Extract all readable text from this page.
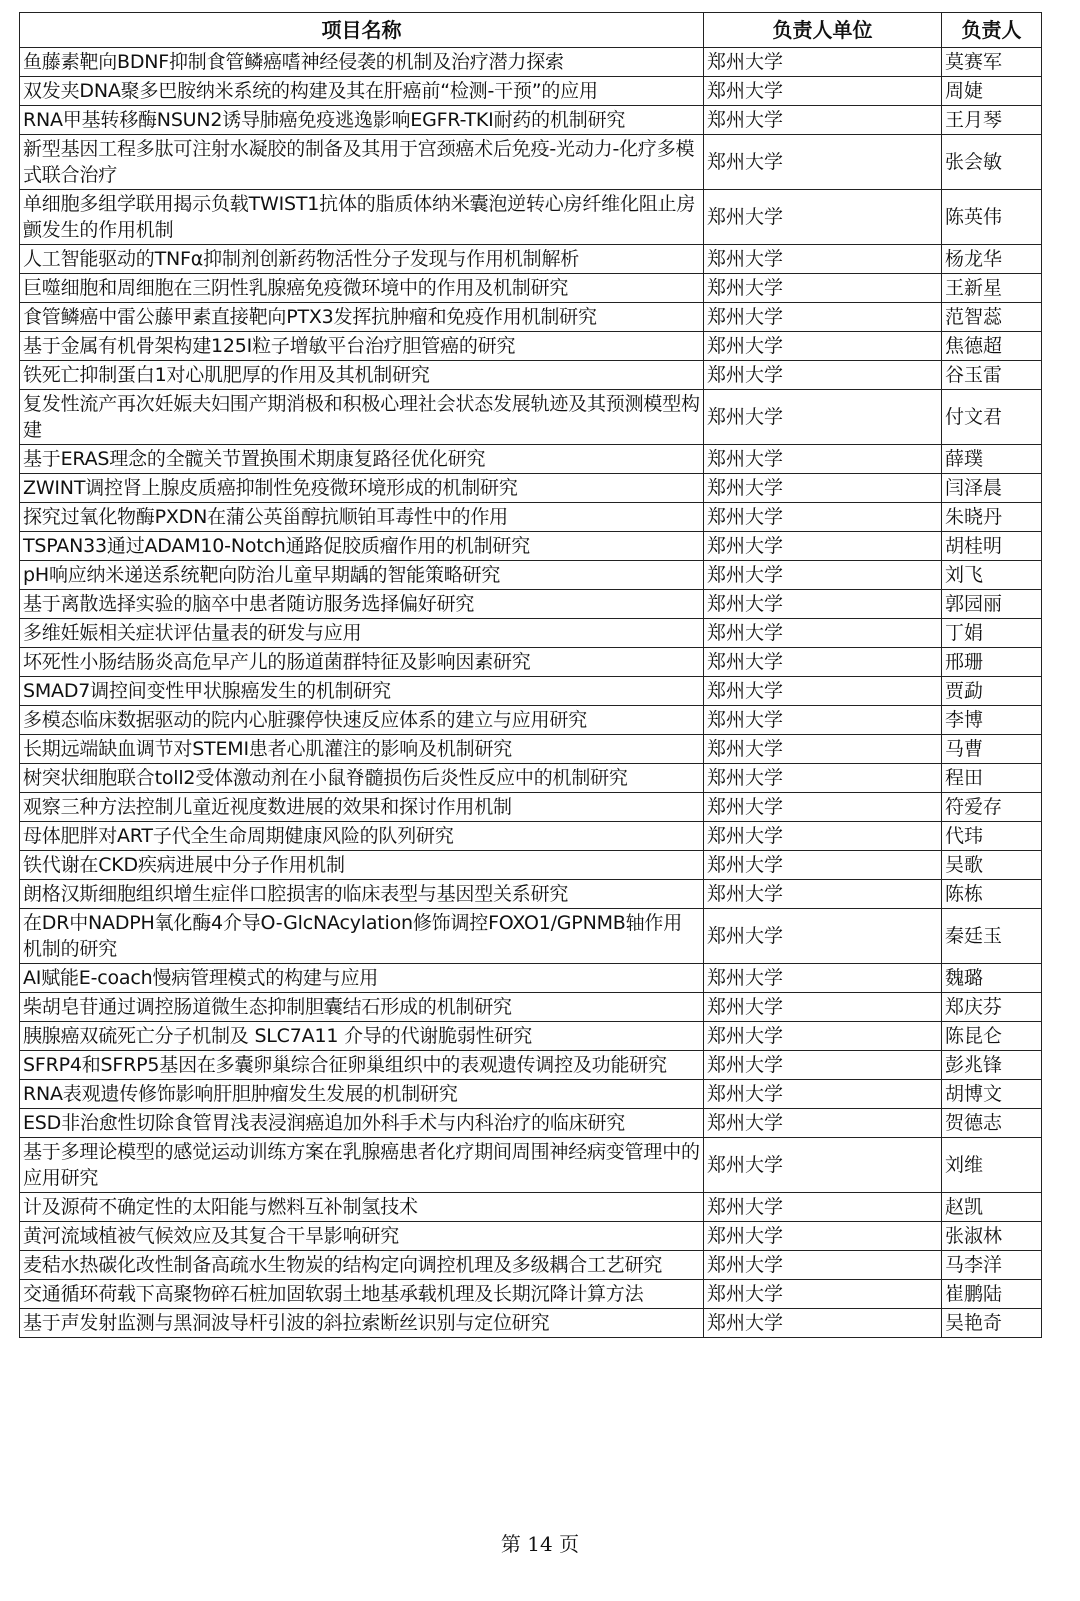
项目名称	负责人单位	负责人
鱼藤素靶向BDNF抑制食管鳞癌嗜神经侵袭的机制及治疗潜力探索	郑州大学	莫赛军
双发夹DNA聚多巴胺纳米系统的构建及其在肝癌前“检测-干预”的应用	郑州大学	周婕
RNA甲基转移酶NSUN2诱导肺癌免疫逃逸影响EGFR-TKI耐药的机制研究	郑州大学	王月琴
新型基因工程多肽可注射水凝胶的制备及其用于宫颈癌术后免疫-光动力-化疗多模式联合治疗	郑州大学	张会敏
单细胞多组学联用揭示负载TWIST1抗体的脂质体纳米囊泡逆转心房纤维化阻止房颤发生的作用机制	郑州大学	陈英伟
人工智能驱动的TNFα抑制剂创新药物活性分子发现与作用机制解析	郑州大学	杨龙华
巨噬细胞和周细胞在三阴性乳腺癌免疫微环境中的作用及机制研究	郑州大学	王新星
食管鳞癌中雷公藤甲素直接靶向PTX3发挥抗肿瘤和免疫作用机制研究	郑州大学	范智蕊
基于金属有机骨架构建125I粒子增敏平台治疗胆管癌的研究	郑州大学	焦德超
铁死亡抑制蛋白1对心肌肥厚的作用及其机制研究	郑州大学	谷玉雷
复发性流产再次妊娠夫妇围产期消极和积极心理社会状态发展轨迹及其预测模型构建	郑州大学	付文君
基于ERAS理念的全髋关节置换围术期康复路径优化研究	郑州大学	薛璞
ZWINT调控肾上腺皮质癌抑制性免疫微环境形成的机制研究	郑州大学	闫泽晨
探究过氧化物酶PXDN在蒲公英甾醇抗顺铂耳毒性中的作用	郑州大学	朱晓丹
TSPAN33通过ADAM10-Notch通路促胶质瘤作用的机制研究	郑州大学	胡桂明
pH响应纳米递送系统靶向防治儿童早期龋的智能策略研究	郑州大学	刘飞
基于离散选择实验的脑卒中患者随访服务选择偏好研究	郑州大学	郭园丽
多维妊娠相关症状评估量表的研发与应用	郑州大学	丁娟
坏死性小肠结肠炎高危早产儿的肠道菌群特征及影响因素研究	郑州大学	邢珊
SMAD7调控间变性甲状腺癌发生的机制研究	郑州大学	贾勐
多模态临床数据驱动的院内心脏骤停快速反应体系的建立与应用研究	郑州大学	李博
长期远端缺血调节对STEMI患者心肌灌注的影响及机制研究	郑州大学	马曹
树突状细胞联合toll2受体激动剂在小鼠脊髓损伤后炎性反应中的机制研究	郑州大学	程田
观察三种方法控制儿童近视度数进展的效果和探讨作用机制	郑州大学	符爱存
母体肥胖对ART子代全生命周期健康风险的队列研究	郑州大学	代玮
铁代谢在CKD疾病进展中分子作用机制	郑州大学	吴歌
朗格汉斯细胞组织增生症伴口腔损害的临床表型与基因型关系研究	郑州大学	陈栋
在DR中NADPH氧化酶4介导O-GlcNAcylation修饰调控FOXO1/GPNMB轴作用机制的研究	郑州大学	秦廷玉
AI赋能E-coach慢病管理模式的构建与应用	郑州大学	魏璐
柴胡皂苷通过调控肠道微生态抑制胆囊结石形成的机制研究	郑州大学	郑庆芬
胰腺癌双硫死亡分子机制及 SLC7A11 介导的代谢脆弱性研究	郑州大学	陈昆仑
SFRP4和SFRP5基因在多囊卵巢综合征卵巢组织中的表观遗传调控及功能研究	郑州大学	彭兆锋
RNA表观遗传修饰影响肝胆肿瘤发生发展的机制研究	郑州大学	胡博文
ESD非治愈性切除食管胃浅表浸润癌追加外科手术与内科治疗的临床研究	郑州大学	贺德志
基于多理论模型的感觉运动训练方案在乳腺癌患者化疗期间周围神经病变管理中的应用研究	郑州大学	刘维
计及源荷不确定性的太阳能与燃料互补制氢技术	郑州大学	赵凯
黄河流域植被气候效应及其复合干旱影响研究	郑州大学	张淑林
麦秸水热碳化改性制备高疏水生物炭的结构定向调控机理及多级耦合工艺研究	郑州大学	马李洋
交通循环荷载下高聚物碎石桩加固软弱土地基承载机理及长期沉降计算方法	郑州大学	崔鹏陆
基于声发射监测与黑洞波导杆引波的斜拉索断丝识别与定位研究	郑州大学	吴艳奇
第 14 页
